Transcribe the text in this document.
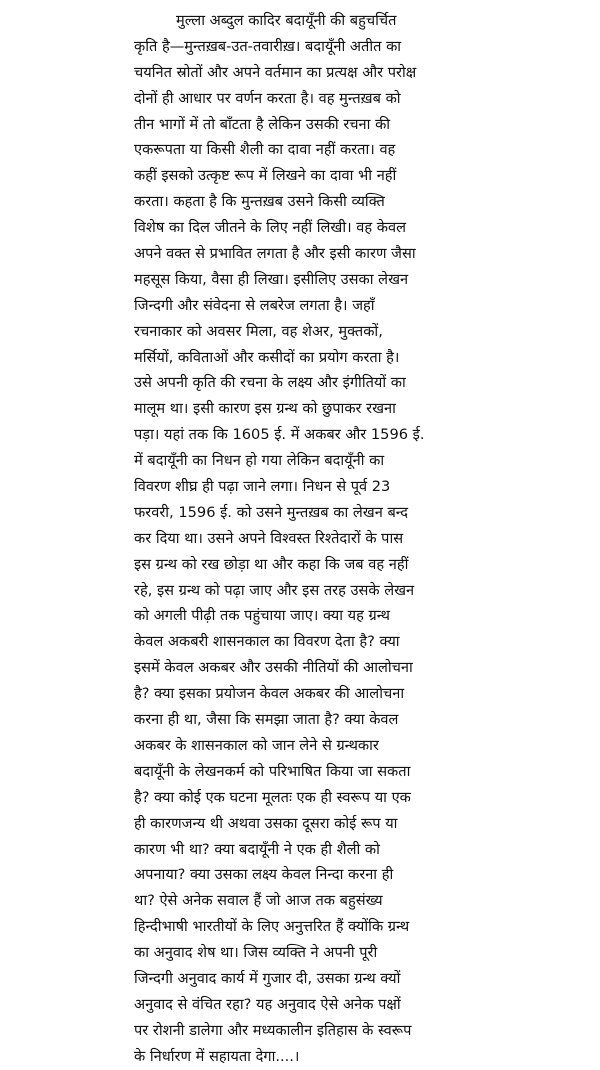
मुल्ला अब्दुल कादिर बदायूँनी की बहुचर्चित
कृति है—मुन्तख़ब-उत-तवारीख़। बदायूँनी अतीत का
चयनित स्रोतों और अपने वर्तमान का प्रत्यक्ष और परोक्ष
दोनों ही आधार पर वर्णन करता है। वह मुन्तख़ब को
तीन भागों में तो बाँटता है लेकिन उसकी रचना की
एकरूपता या किसी शैली का दावा नहीं करता। वह
कहीं इसको उत्कृष्ट रूप में लिखने का दावा भी नहीं
करता। कहता है कि मुन्तख़ब उसने किसी व्यक्ति
विशेष का दिल जीतने के लिए नहीं लिखी। वह केवल
अपने वक्त से प्रभावित लगता है और इसी कारण जैसा
महसूस किया, वैसा ही लिखा। इसीलिए उसका लेखन
जिन्दगी और संवेदना से लबरेज लगता है। जहाँ
रचनाकार को अवसर मिला, वह शेअर, मुक्तकों,
मर्सियों, कविताओं और कसीदों का प्रयोग करता है।
उसे अपनी कृति की रचना के लक्ष्य और इंगीतियों का
मालूम था। इसी कारण इस ग्रन्थ को छुपाकर रखना
पड़ा। यहां तक कि 1605 ई. में अकबर और 1596 ई.
में बदायूँनी का निधन हो गया लेकिन बदायूँनी का
विवरण शीघ्र ही पढ़ा जाने लगा। निधन से पूर्व 23
फरवरी, 1596 ई. को उसने मुन्तख़ब का लेखन बन्द
कर दिया था। उसने अपने विश्वस्त रिश्तेदारों के पास
इस ग्रन्थ को रख छोड़ा था और कहा कि जब वह नहीं
रहे, इस ग्रन्थ को पढ़ा जाए और इस तरह उसके लेखन
को अगली पीढ़ी तक पहुंचाया जाए। क्या यह ग्रन्थ
केवल अकबरी शासनकाल का विवरण देता है? क्या
इसमें केवल अकबर और उसकी नीतियों की आलोचना
है? क्या इसका प्रयोजन केवल अकबर की आलोचना
करना ही था, जैसा कि समझा जाता है? क्या केवल
अकबर के शासनकाल को जान लेने से ग्रन्थकार
बदायूँनी के लेखनकर्म को परिभाषित किया जा सकता
है? क्या कोई एक घटना मूलतः एक ही स्वरूप या एक
ही कारणजन्य थी अथवा उसका दूसरा कोई रूप या
कारण भी था? क्या बदायूँनी ने एक ही शैली को
अपनाया? क्या उसका लक्ष्य केवल निन्दा करना ही
था? ऐसे अनेक सवाल हैं जो आज तक बहुसंख्य
हिन्दीभाषी भारतीयों के लिए अनुत्तरित हैं क्योंकि ग्रन्थ
का अनुवाद शेष था। जिस व्यक्ति ने अपनी पूरी
जिन्दगी अनुवाद कार्य में गुजार दी, उसका ग्रन्थ क्यों
अनुवाद से वंचित रहा? यह अनुवाद ऐसे अनेक पक्षों
पर रोशनी डालेगा और मध्यकालीन इतिहास के स्वरूप
के निर्धारण में सहायता देगा....।
